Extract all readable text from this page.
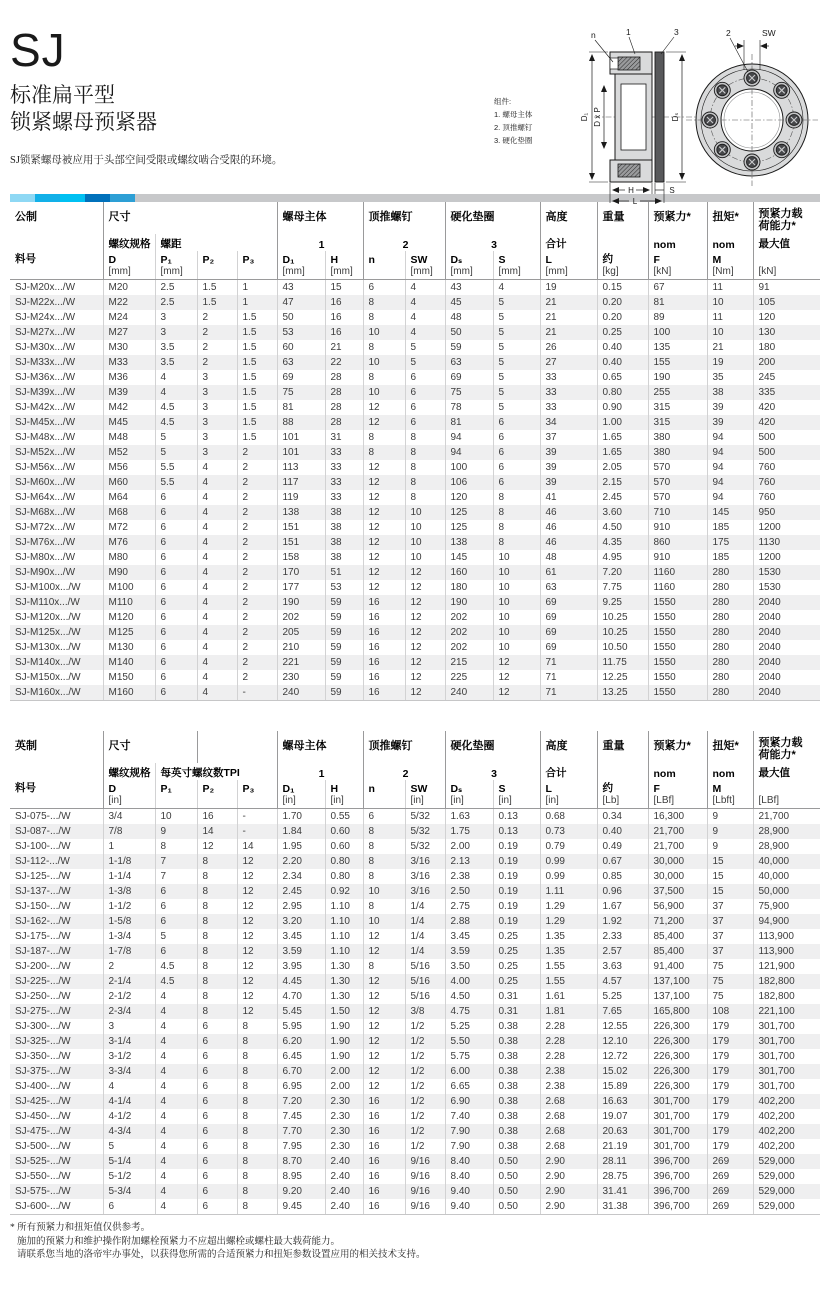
SJ
标准扁平型
锁紧螺母预紧器
SJ锁紧螺母被应用于头部空间受限或螺纹啮合受限的环境。
公制	尺寸				螺母主体		顶推螺钉		硬化垫圈		高度	重量	预紧力*	扭矩*	预紧力载荷能力*

	螺纹规格	螺距			1		2		3		合计		nom	nom	最大值
料号	D	P₁	P₂	P₃	D₁	H	n	SW	Dₛ	S	L	约	F	M	
	[mm]	[mm]			[mm]	[mm]		[mm]	[mm]	[mm]	[mm]	[kg]	[kN]	[Nm]	[kN]
SJ-M20x.../W	M20	2.5	1.5	1	43	15	6	4	43	4	19	0.15	67	11	91
SJ-M22x.../W	M22	2.5	1.5	1	47	16	8	4	45	5	21	0.20	81	10	105
SJ-M24x.../W	M24	3	2	1.5	50	16	8	4	48	5	21	0.20	89	11	120
SJ-M27x.../W	M27	3	2	1.5	53	16	10	4	50	5	21	0.25	100	10	130
SJ-M30x.../W	M30	3.5	2	1.5	60	21	8	5	59	5	26	0.40	135	21	180
SJ-M33x.../W	M33	3.5	2	1.5	63	22	10	5	63	5	27	0.40	155	19	200
SJ-M36x.../W	M36	4	3	1.5	69	28	8	6	69	5	33	0.65	190	35	245
SJ-M39x.../W	M39	4	3	1.5	75	28	10	6	75	5	33	0.80	255	38	335
SJ-M42x.../W	M42	4.5	3	1.5	81	28	12	6	78	5	33	0.90	315	39	420
SJ-M45x.../W	M45	4.5	3	1.5	88	28	12	6	81	6	34	1.00	315	39	420
SJ-M48x.../W	M48	5	3	1.5	101	31	8	8	94	6	37	1.65	380	94	500
SJ-M52x.../W	M52	5	3	2	101	33	8	8	94	6	39	1.65	380	94	500
SJ-M56x.../W	M56	5.5	4	2	113	33	12	8	100	6	39	2.05	570	94	760
SJ-M60x.../W	M60	5.5	4	2	117	33	12	8	106	6	39	2.15	570	94	760
SJ-M64x.../W	M64	6	4	2	119	33	12	8	120	8	41	2.45	570	94	760
SJ-M68x.../W	M68	6	4	2	138	38	12	10	125	8	46	3.60	710	145	950
SJ-M72x.../W	M72	6	4	2	151	38	12	10	125	8	46	4.50	910	185	1200
SJ-M76x.../W	M76	6	4	2	151	38	12	10	138	8	46	4.35	860	175	1130
SJ-M80x.../W	M80	6	4	2	158	38	12	10	145	10	48	4.95	910	185	1200
SJ-M90x.../W	M90	6	4	2	170	51	12	12	160	10	61	7.20	1160	280	1530
SJ-M100x.../W	M100	6	4	2	177	53	12	12	180	10	63	7.75	1160	280	1530
SJ-M110x.../W	M110	6	4	2	190	59	16	12	190	10	69	9.25	1550	280	2040
SJ-M120x.../W	M120	6	4	2	202	59	16	12	202	10	69	10.25	1550	280	2040
SJ-M125x.../W	M125	6	4	2	205	59	16	12	202	10	69	10.25	1550	280	2040
SJ-M130x.../W	M130	6	4	2	210	59	16	12	202	10	69	10.50	1550	280	2040
SJ-M140x.../W	M140	6	4	2	221	59	16	12	215	12	71	11.75	1550	280	2040
SJ-M150x.../W	M150	6	4	2	230	59	16	12	225	12	71	12.25	1550	280	2040
SJ-M160x.../W	M160	6	4	-	240	59	16	12	240	12	71	13.25	1550	280	2040
英制	尺寸				螺母主体		顶推螺钉		硬化垫圈		高度	重量	预紧力*	扭矩*	预紧力载荷能力*

	螺纹规格	每英寸螺纹数TPI			1		2		3		合计		nom	nom	最大值
料号	D	P₁	P₂	P₃	D₁	H	n	SW	Dₛ	S	L	约	F	M	
	[in]				[in]	[in]		[in]	[in]	[in]	[in]	[Lb]	[LBf]	[Lbft]	[LBf]
SJ-075-.../W	3/4	10	16	-	1.70	0.55	6	5/32	1.63	0.13	0.68	0.34	16,300	9	21,700
SJ-087-.../W	7/8	9	14	-	1.84	0.60	8	5/32	1.75	0.13	0.73	0.40	21,700	9	28,900
SJ-100-.../W	1	8	12	14	1.95	0.60	8	5/32	2.00	0.19	0.79	0.49	21,700	9	28,900
SJ-112-.../W	1-1/8	7	8	12	2.20	0.80	8	3/16	2.13	0.19	0.99	0.67	30,000	15	40,000
SJ-125-.../W	1-1/4	7	8	12	2.34	0.80	8	3/16	2.38	0.19	0.99	0.85	30,000	15	40,000
SJ-137-.../W	1-3/8	6	8	12	2.45	0.92	10	3/16	2.50	0.19	1.11	0.96	37,500	15	50,000
SJ-150-.../W	1-1/2	6	8	12	2.95	1.10	8	1/4	2.75	0.19	1.29	1.67	56,900	37	75,900
SJ-162-.../W	1-5/8	6	8	12	3.20	1.10	10	1/4	2.88	0.19	1.29	1.92	71,200	37	94,900
SJ-175-.../W	1-3/4	5	8	12	3.45	1.10	12	1/4	3.45	0.25	1.35	2.33	85,400	37	113,900
SJ-187-.../W	1-7/8	6	8	12	3.59	1.10	12	1/4	3.59	0.25	1.35	2.57	85,400	37	113,900
SJ-200-.../W	2	4.5	8	12	3.95	1.30	8	5/16	3.50	0.25	1.55	3.63	91,400	75	121,900
SJ-225-.../W	2-1/4	4.5	8	12	4.45	1.30	12	5/16	4.00	0.25	1.55	4.57	137,100	75	182,800
SJ-250-.../W	2-1/2	4	8	12	4.70	1.30	12	5/16	4.50	0.31	1.61	5.25	137,100	75	182,800
SJ-275-.../W	2-3/4	4	8	12	5.45	1.50	12	3/8	4.75	0.31	1.81	7.65	165,800	108	221,100
SJ-300-.../W	3	4	6	8	5.95	1.90	12	1/2	5.25	0.38	2.28	12.55	226,300	179	301,700
SJ-325-.../W	3-1/4	4	6	8	6.20	1.90	12	1/2	5.50	0.38	2.28	12.10	226,300	179	301,700
SJ-350-.../W	3-1/2	4	6	8	6.45	1.90	12	1/2	5.75	0.38	2.28	12.72	226,300	179	301,700
SJ-375-.../W	3-3/4	4	6	8	6.70	2.00	12	1/2	6.00	0.38	2.38	15.02	226,300	179	301,700
SJ-400-.../W	4	4	6	8	6.95	2.00	12	1/2	6.65	0.38	2.38	15.89	226,300	179	301,700
SJ-425-.../W	4-1/4	4	6	8	7.20	2.30	16	1/2	6.90	0.38	2.68	16.63	301,700	179	402,200
SJ-450-.../W	4-1/2	4	6	8	7.45	2.30	16	1/2	7.40	0.38	2.68	19.07	301,700	179	402,200
SJ-475-.../W	4-3/4	4	6	8	7.70	2.30	16	1/2	7.90	0.38	2.68	20.63	301,700	179	402,200
SJ-500-.../W	5	4	6	8	7.95	2.30	16	1/2	7.90	0.38	2.68	21.19	301,700	179	402,200
SJ-525-.../W	5-1/4	4	6	8	8.70	2.40	16	9/16	8.40	0.50	2.90	28.11	396,700	269	529,000
SJ-550-.../W	5-1/2	4	6	8	8.95	2.40	16	9/16	8.40	0.50	2.90	28.75	396,700	269	529,000
SJ-575-.../W	5-3/4	4	6	8	9.20	2.40	16	9/16	9.40	0.50	2.90	31.41	396,700	269	529,000
SJ-600-.../W	6	4	6	8	9.45	2.40	16	9/16	9.40	0.50	2.90	31.38	396,700	269	529,000
* 所有预紧力和扭矩值仅供参考。
施加的预紧力和维护操作附加螺栓预紧力不应超出螺栓或螺柱最大载荷能力。
请联系您当地的洛帝牢办事处，以获得您所需的合适预紧力和扭矩参数设置应用的相关技术支持。
组件:
1. 螺母主体
2. 顶推螺钉
3. 硬化垫圈
D₁ D x P	Dₛ
H	S
L
n	1	3	2	SW
